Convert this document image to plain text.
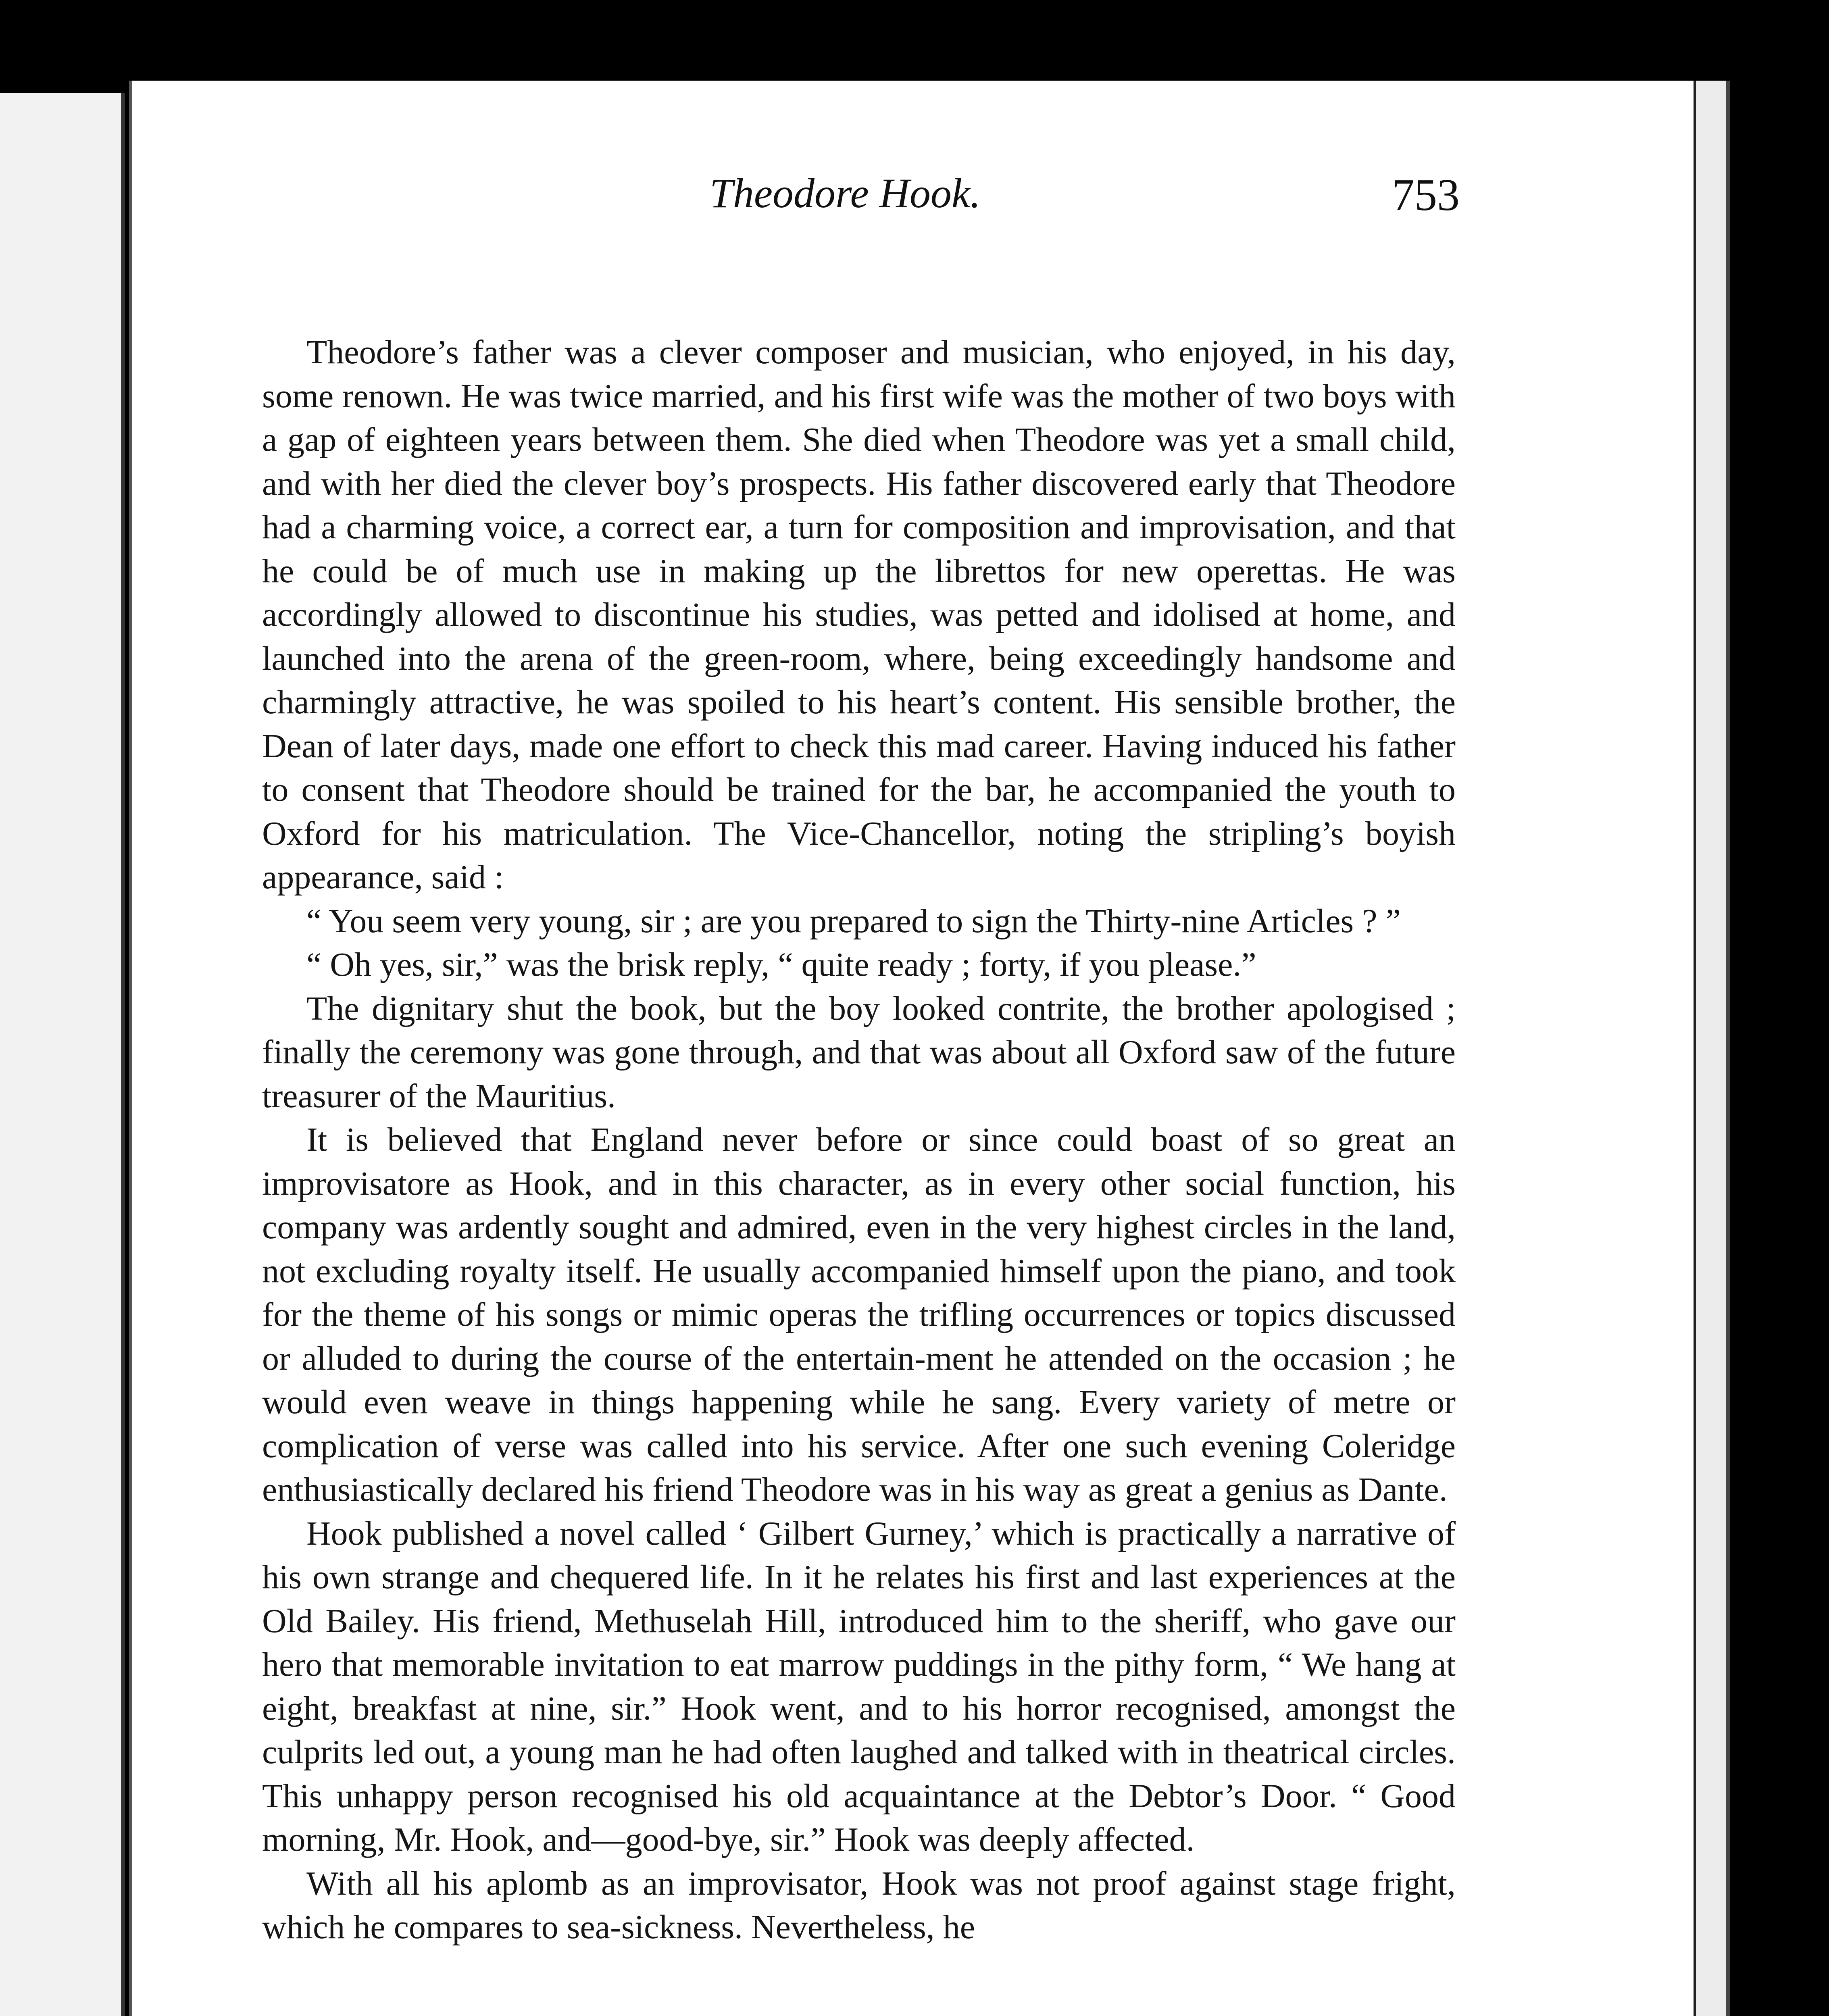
Theodore Hook.	753

Theodore’s father was a clever composer and musician, who enjoyed, in his day, some renown. He was twice married, and his first wife was the mother of two boys with a gap of eighteen years between them. She died when Theodore was yet a small child, and with her died the clever boy’s prospects. His father discovered early that Theodore had a charming voice, a correct ear, a turn for composition and improvisation, and that he could be of much use in making up the librettos for new operettas. He was accordingly allowed to discontinue his studies, was petted and idolised at home, and launched into the arena of the green-room, where, being exceedingly handsome and charmingly attractive, he was spoiled to his heart’s content. His sensible brother, the Dean of later days, made one effort to check this mad career. Having induced his father to consent that Theodore should be trained for the bar, he accompanied the youth to Oxford for his matriculation. The Vice-Chancellor, noting the stripling’s boyish appearance, said :

“ You seem very young, sir ; are you prepared to sign the Thirty-nine Articles ? ”

“ Oh yes, sir,” was the brisk reply, “ quite ready ; forty, if you please.”

The dignitary shut the book, but the boy looked contrite, the brother apologised ; finally the ceremony was gone through, and that was about all Oxford saw of the future treasurer of the Mauritius.

It is believed that England never before or since could boast of so great an improvisatore as Hook, and in this character, as in every other social function, his company was ardently sought and admired, even in the very highest circles in the land, not excluding royalty itself. He usually accompanied himself upon the piano, and took for the theme of his songs or mimic operas the trifling occurrences or topics discussed or alluded to during the course of the entertain-ment he attended on the occasion ; he would even weave in things happening while he sang. Every variety of metre or complication of verse was called into his service. After one such evening Coleridge enthusiastically declared his friend Theodore was in his way as great a genius as Dante.

Hook published a novel called ‘ Gilbert Gurney,’ which is practically a narrative of his own strange and chequered life. In it he relates his first and last experiences at the Old Bailey. His friend, Methuselah Hill, introduced him to the sheriff, who gave our hero that memorable invitation to eat marrow puddings in the pithy form, “ We hang at eight, breakfast at nine, sir.” Hook went, and to his horror recognised, amongst the culprits led out, a young man he had often laughed and talked with in theatrical circles. This unhappy person recognised his old acquaintance at the Debtor’s Door. “ Good morning, Mr. Hook, and—good-bye, sir.” Hook was deeply affected.

With all his aplomb as an improvisator, Hook was not proof against stage fright, which he compares to sea-sickness. Nevertheless, he
